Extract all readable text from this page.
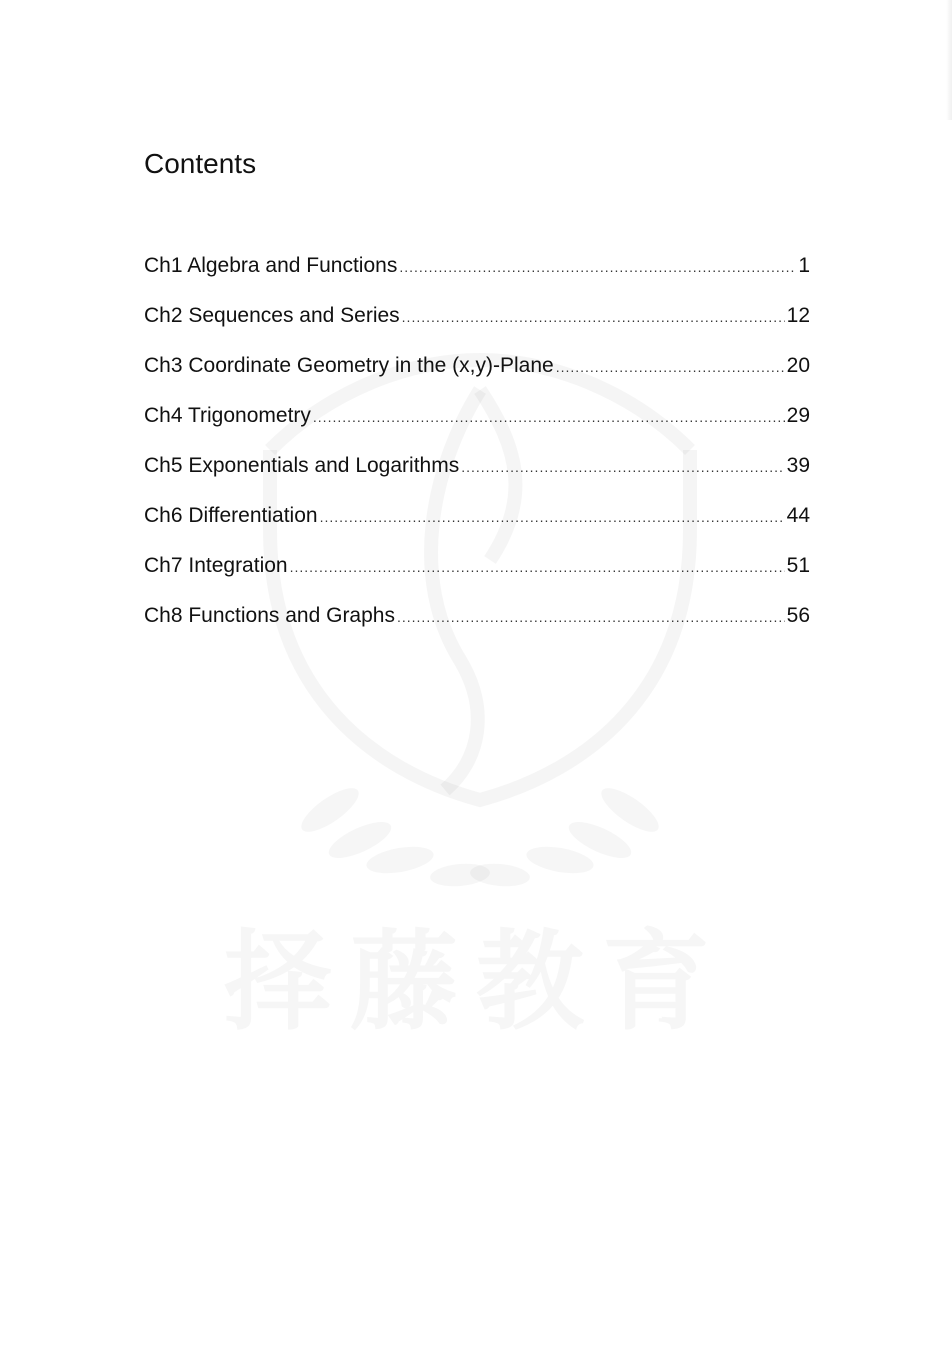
Contents
Ch1 Algebra and Functions .....	1
Ch2 Sequences and Series .....	12
Ch3 Coordinate Geometry in the (x,y)-Plane .....	20
Ch4 Trigonometry .....	29
Ch5 Exponentials and Logarithms .....	39
Ch6 Differentiation .....	44
Ch7 Integration .....	51
Ch8 Functions and Graphs .....	56
